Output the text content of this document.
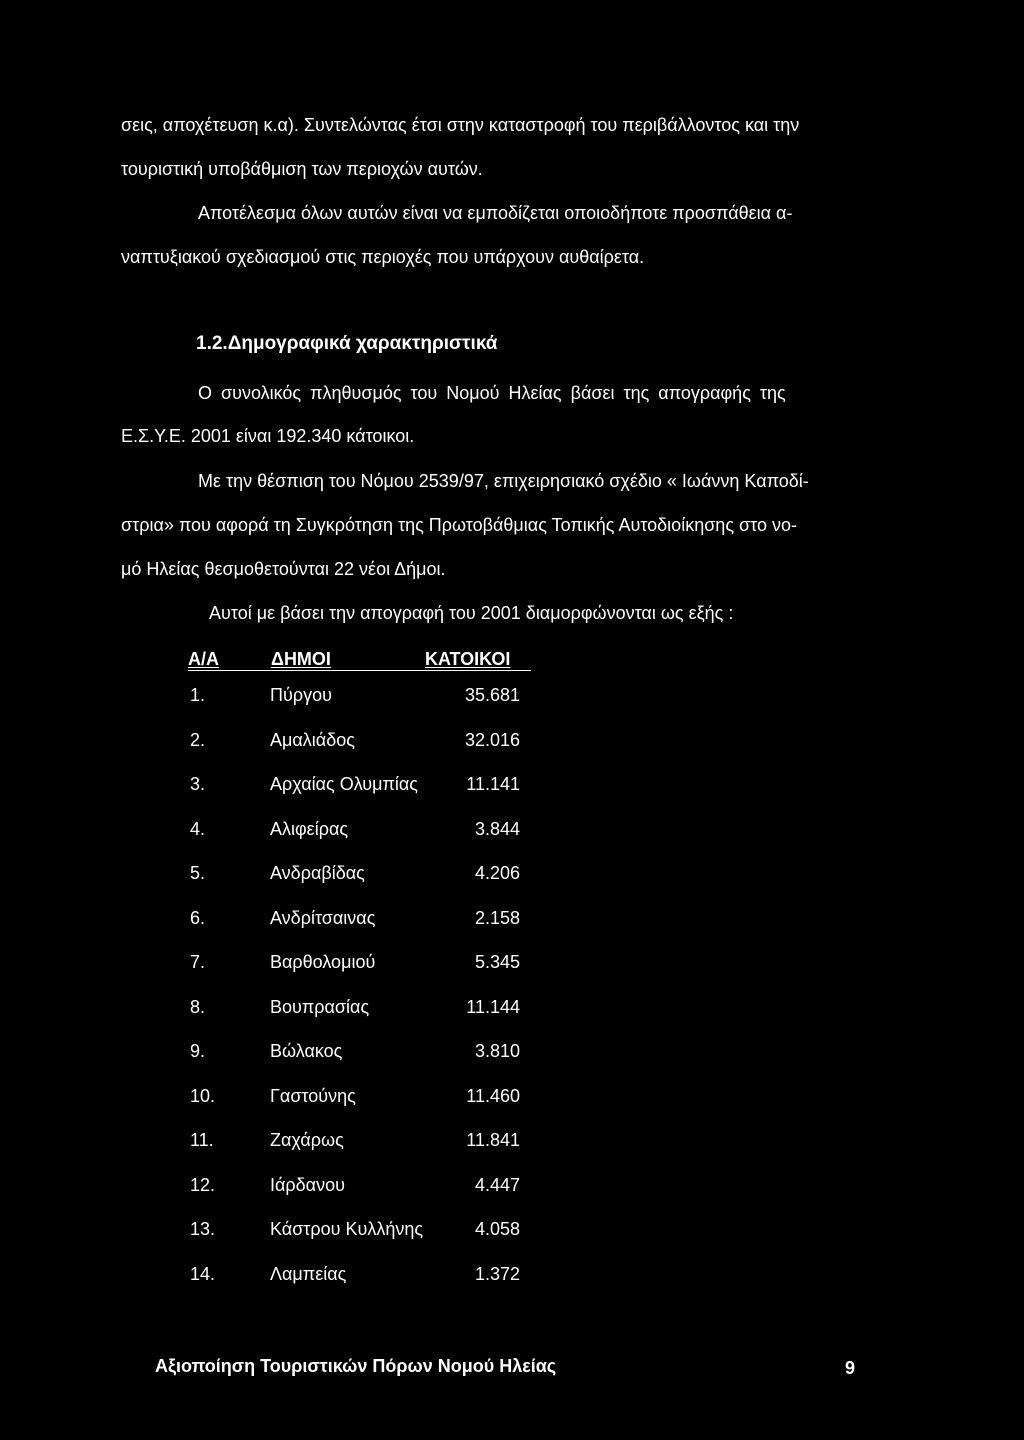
σεις, αποχέτευση κ.α). Συντελώντας έτσι στην καταστροφή του περιβάλλοντος και την
τουριστική υποβάθμιση των περιοχών αυτών.
Αποτέλεσμα όλων αυτών είναι να εμποδίζεται οποιοδήποτε προσπάθεια α-
ναπτυξιακού σχεδιασμού στις περιοχές που υπάρχουν αυθαίρετα.
1.2.Δημογραφικά χαρακτηριστικά
Ο συνολικός πληθυσμός του Νομού Ηλείας βάσει της απογραφής της
Ε.Σ.Υ.Ε. 2001 είναι 192.340 κάτοικοι.
Με την θέσπιση του Νόμου 2539/97, επιχειρησιακό σχέδιο « Ιωάννη Καποδί-
στρια» που αφορά τη Συγκρότηση της Πρωτοβάθμιας Τοπικής Αυτοδιοίκησης στο νο-
μό Ηλείας θεσμοθετούνται 22 νέοι Δήμοι.
Αυτοί με βάσει την απογραφή του 2001 διαμορφώνονται ως εξής :
Α/Α	ΔΗΜΟΙ	ΚΑΤΟΙΚΟΙ
1.	Πύργου	35.681
2.	Αμαλιάδος	32.016
3.	Αρχαίας Ολυμπίας	11.141
4.	Αλιφείρας	3.844
5.	Ανδραβίδας	4.206
6.	Ανδρίτσαινας	2.158
7.	Βαρθολομιού	5.345
8.	Βουπρασίας	11.144
9.	Βώλακος	3.810
10.	Γαστούνης	11.460
11.	Ζαχάρως	11.841
12.	Ιάρδανου	4.447
13.	Κάστρου Κυλλήνης	4.058
14.	Λαμπείας	1.372
Αξιοποίηση Τουριστικών Πόρων Νομού Ηλείας	9
